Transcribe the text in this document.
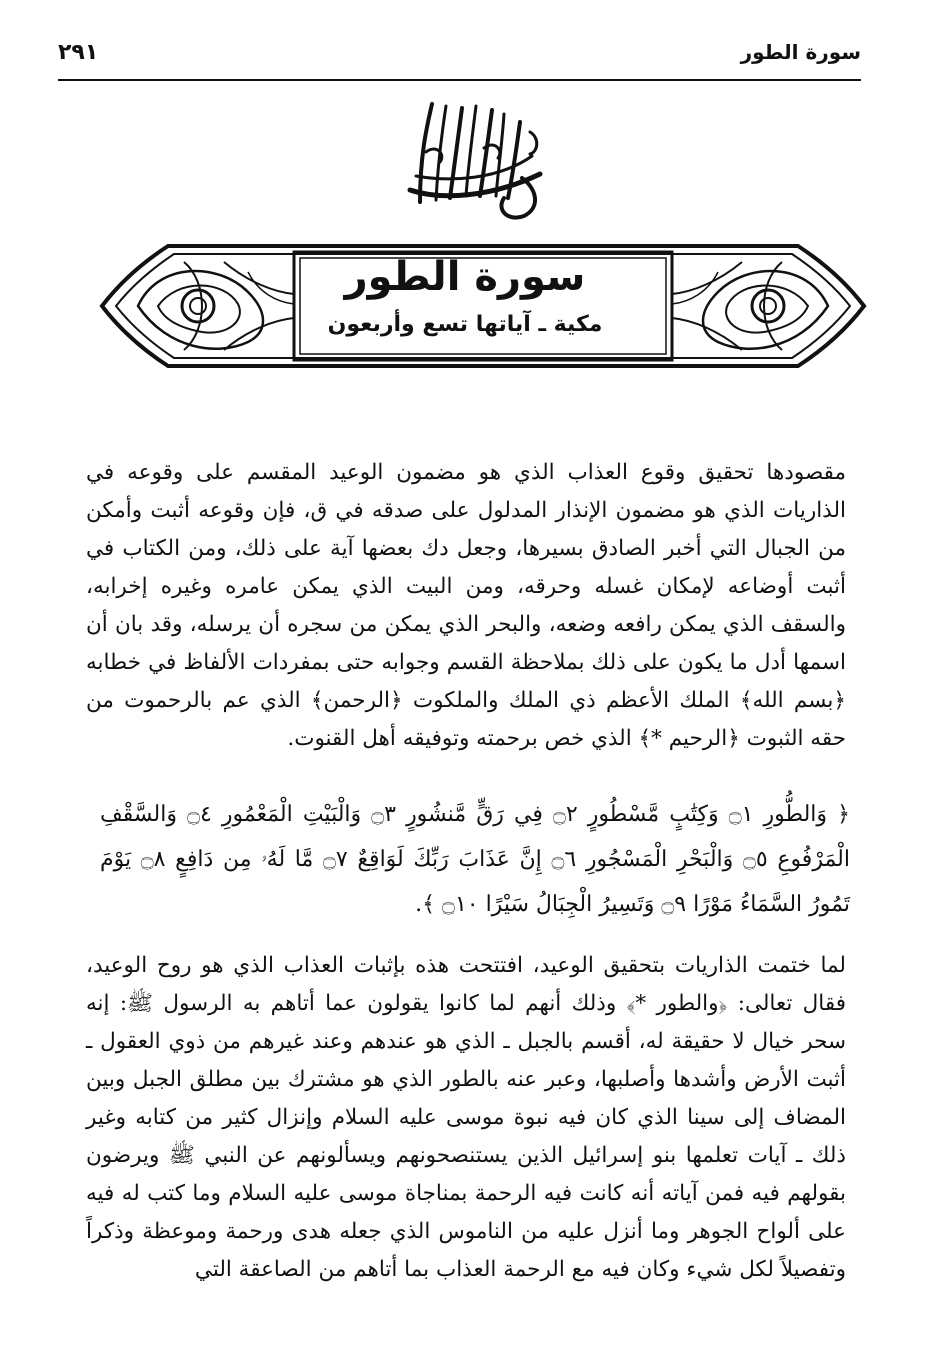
٢٩١	سورة الطور
سورة الطور
مكية ـ آياتها تسع وأربعون

مقصودها تحقيق وقوع العذاب الذي هو مضمون الوعيد المقسم على وقوعه في الذاريات الذي هو مضمون الإنذار المدلول على صدقه في ق، فإن وقوعه أثبت وأمكن من الجبال التي أخبر الصادق بسيرها، وجعل دك بعضها آية على ذلك، ومن الكتاب في أثبت أوضاعه لإمكان غسله وحرقه، ومن البيت الذي يمكن عامره وغيره إخرابه، والسقف الذي يمكن رافعه وضعه، والبحر الذي يمكن من سجره أن يرسله، وقد بان أن اسمها أدل ما يكون على ذلك بملاحظة القسم وجوابه حتى بمفردات الألفاظ في خطابه ﴿بسم الله﴾ الملك الأعظم ذي الملك والملكوت ﴿الرحمن﴾ الذي عم بالرحموت من حقه الثبوت ﴿الرحيم *﴾ الذي خص برحمته وتوفيقه أهل القنوت.

﴿ وَالطُّورِ ۝١ وَكِتَٰبٍ مَّسْطُورٍ ۝٢ فِي رَقٍّ مَّنشُورٍ ۝٣ وَالْبَيْتِ الْمَعْمُورِ ۝٤ وَالسَّقْفِ الْمَرْفُوعِ ۝٥ وَالْبَحْرِ الْمَسْجُورِ ۝٦ إِنَّ عَذَابَ رَبِّكَ لَوَاقِعٌ ۝٧ مَّا لَهُۥ مِن دَافِعٍ ۝٨ يَوْمَ تَمُورُ السَّمَاءُ مَوْرًا ۝٩ وَتَسِيرُ الْجِبَالُ سَيْرًا ۝١٠ ﴾.

لما ختمت الذاريات بتحقيق الوعيد، افتتحت هذه بإثبات العذاب الذي هو روح الوعيد، فقال تعالى: ﴿والطور *﴾ وذلك أنهم لما كانوا يقولون عما أتاهم به الرسول ﷺ: إنه سحر خيال لا حقيقة له، أقسم بالجبل ـ الذي هو عندهم وعند غيرهم من ذوي العقول ـ أثبت الأرض وأشدها وأصلبها، وعبر عنه بالطور الذي هو مشترك بين مطلق الجبل وبين المضاف إلى سينا الذي كان فيه نبوة موسى عليه السلام وإنزال كثير من كتابه وغير ذلك ـ آيات تعلمها بنو إسرائيل الذين يستنصحونهم ويسألونهم عن النبي ﷺ ويرضون بقولهم فيه فمن آياته أنه كانت فيه الرحمة بمناجاة موسى عليه السلام وما كتب له فيه على ألواح الجوهر وما أنزل عليه من الناموس الذي جعله هدى ورحمة وموعظة وذكراً وتفصيلاً لكل شيء وكان فيه مع الرحمة العذاب بما أتاهم من الصاعقة التي
